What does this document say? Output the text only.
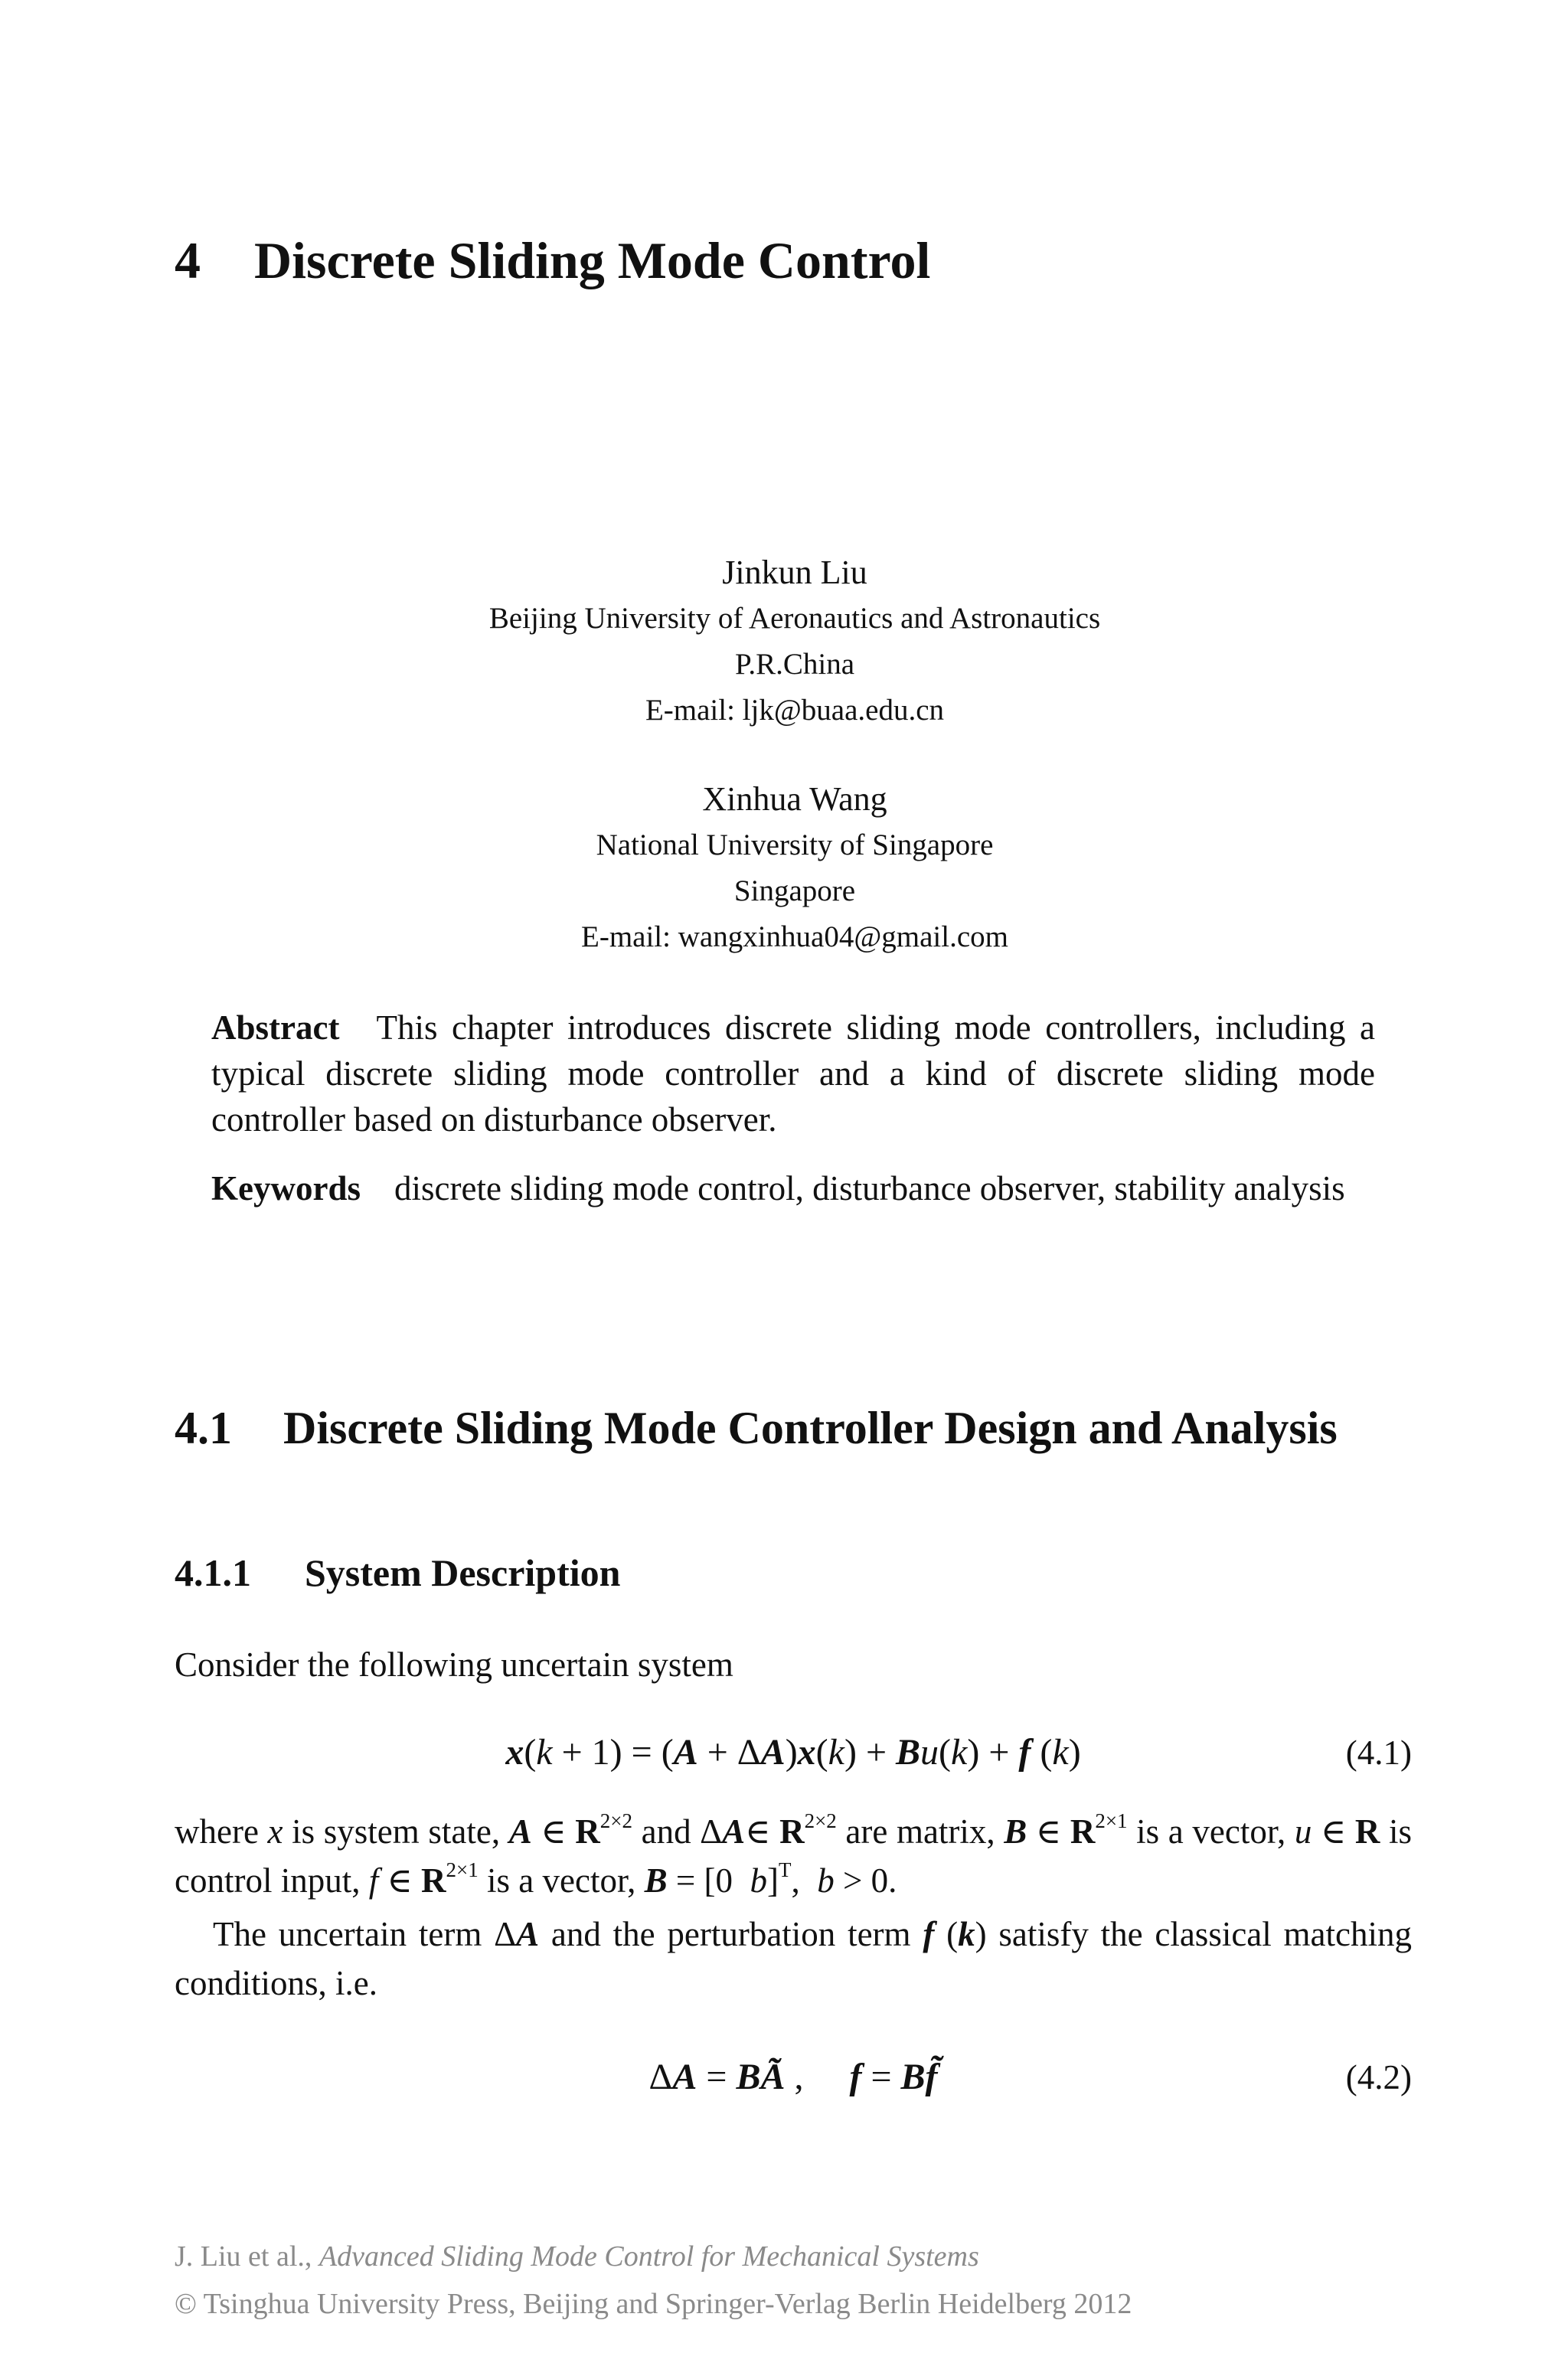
4 Discrete Sliding Mode Control
Jinkun Liu
Beijing University of Aeronautics and Astronautics
P.R.China
E-mail: ljk@buaa.edu.cn
Xinhua Wang
National University of Singapore
Singapore
E-mail: wangxinhua04@gmail.com
Abstract This chapter introduces discrete sliding mode controllers, including a typical discrete sliding mode controller and a kind of discrete sliding mode controller based on disturbance observer.
Keywords discrete sliding mode control, disturbance observer, stability analysis
4.1 Discrete Sliding Mode Controller Design and Analysis
4.1.1 System Description
Consider the following uncertain system
x(k + 1) = (A + ΔA)x(k) + Bu(k) + f (k)	(4.1)
where x is system state, A ∈ $R^{2\times 2}$ and ΔA∈ $R^{2\times 2}$ are matrix, B ∈ $R^{2\times 1}$ is a vector, u ∈ R is control input, f ∈ $R^{2\times 1}$ is a vector, B = [0  b]$^T$,  b > 0.
The uncertain term ΔA and the perturbation term f (k) satisfy the classical matching conditions, i.e.
ΔA = BÃ ,     f = Bf̃	(4.2)
J. Liu et al., Advanced Sliding Mode Control for Mechanical Systems
© Tsinghua University Press, Beijing and Springer-Verlag Berlin Heidelberg 2012
